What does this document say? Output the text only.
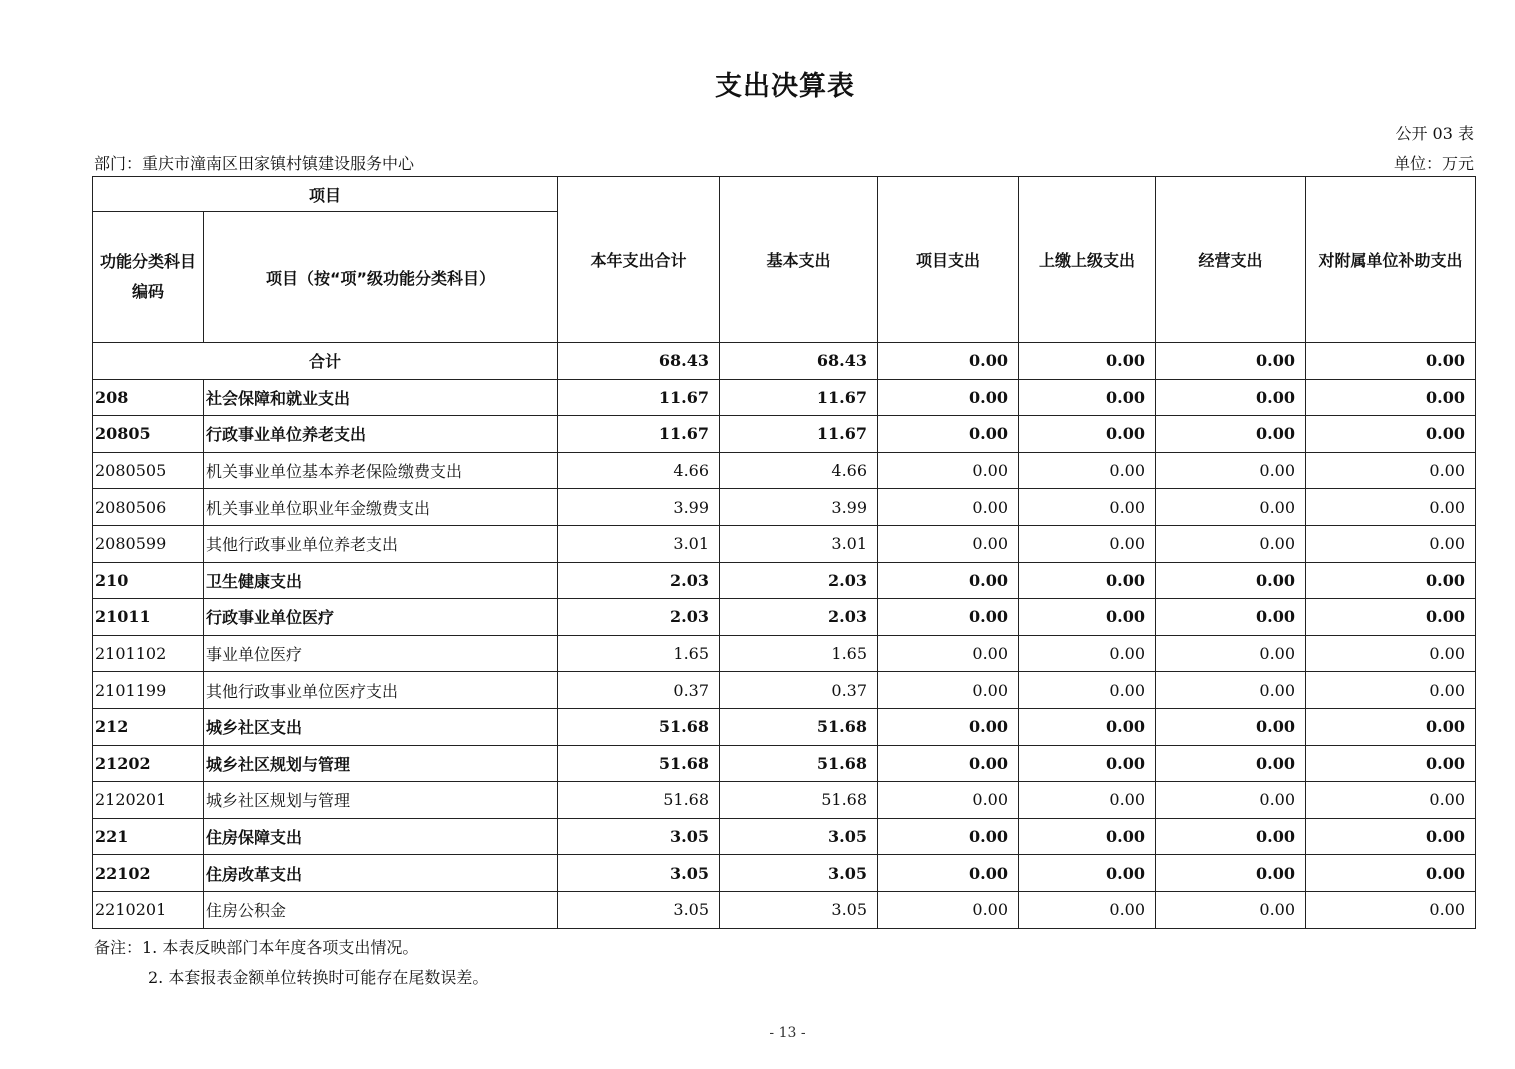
支出决算表
公开 03 表
部门：重庆市潼南区田家镇村镇建设服务中心	单位：万元
项目		本年支出合计	基本支出	项目支出	上缴上级支出	经营支出	对附属单位补助支出
功能分类科目编码	项目（按“项”级功能分类科目）						
合计		68.43	68.43	0.00	0.00	0.00	0.00
208	社会保障和就业支出	11.67	11.67	0.00	0.00	0.00	0.00
20805	行政事业单位养老支出	11.67	11.67	0.00	0.00	0.00	0.00
2080505	机关事业单位基本养老保险缴费支出	4.66	4.66	0.00	0.00	0.00	0.00
2080506	机关事业单位职业年金缴费支出	3.99	3.99	0.00	0.00	0.00	0.00
2080599	其他行政事业单位养老支出	3.01	3.01	0.00	0.00	0.00	0.00
210	卫生健康支出	2.03	2.03	0.00	0.00	0.00	0.00
21011	行政事业单位医疗	2.03	2.03	0.00	0.00	0.00	0.00
2101102	事业单位医疗	1.65	1.65	0.00	0.00	0.00	0.00
2101199	其他行政事业单位医疗支出	0.37	0.37	0.00	0.00	0.00	0.00
212	城乡社区支出	51.68	51.68	0.00	0.00	0.00	0.00
21202	城乡社区规划与管理	51.68	51.68	0.00	0.00	0.00	0.00
2120201	城乡社区规划与管理	51.68	51.68	0.00	0.00	0.00	0.00
221	住房保障支出	3.05	3.05	0.00	0.00	0.00	0.00
22102	住房改革支出	3.05	3.05	0.00	0.00	0.00	0.00
2210201	住房公积金	3.05	3.05	0.00	0.00	0.00	0.00
备注：1. 本表反映部门本年度各项支出情况。
2. 本套报表金额单位转换时可能存在尾数误差。
- 13 -
